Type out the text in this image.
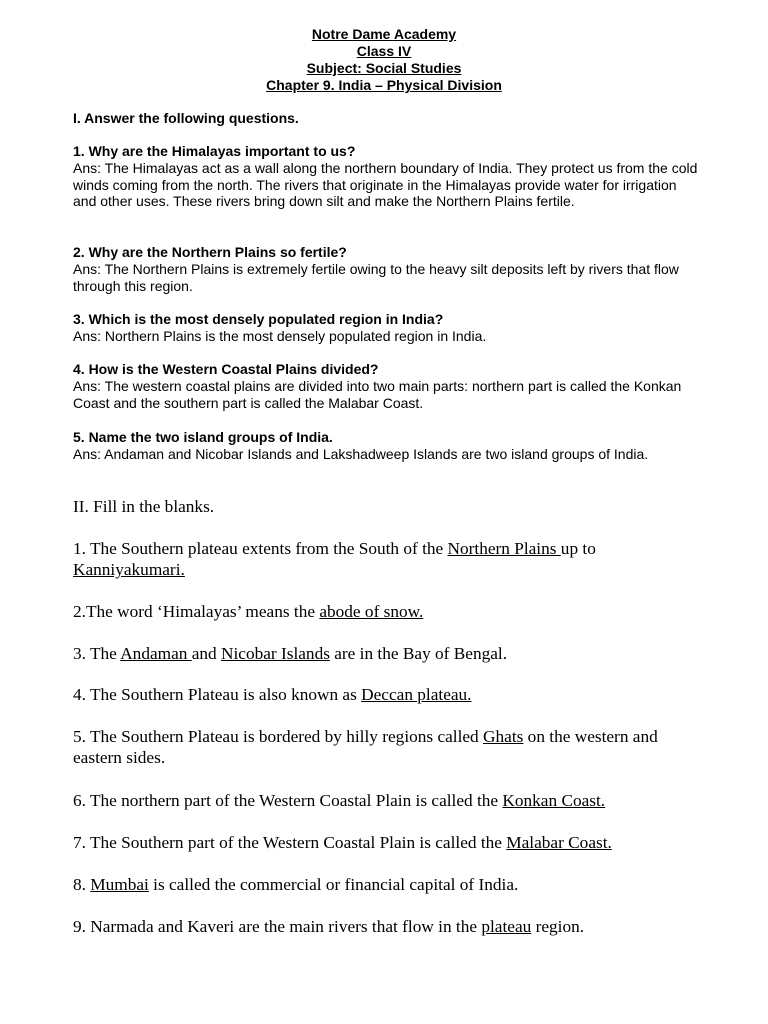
Notre Dame Academy
Class IV
Subject: Social Studies
Chapter 9. India – Physical Division
I. Answer the following questions.
1. Why are the Himalayas important to us?
Ans: The Himalayas act as a wall along the northern boundary of India. They protect us from the cold winds coming from the north. The rivers that originate in the Himalayas provide water for irrigation and other uses. These rivers bring down silt and make the Northern Plains fertile.
2. Why are the Northern Plains so fertile?
Ans: The Northern Plains is extremely fertile owing to the heavy silt deposits left by rivers that flow through this region.
3. Which is the most densely populated region in India?
Ans: Northern Plains is the most densely populated region in India.
4. How is the Western Coastal Plains divided?
Ans: The western coastal plains are divided into two main parts: northern part is called the Konkan Coast and the southern part is called the Malabar Coast.
5. Name the two island groups of India.
Ans: Andaman and Nicobar Islands and Lakshadweep Islands are two island groups of India.
II. Fill in the blanks.
1. The Southern plateau extents from the South of the Northern Plains up to Kanniyakumari.
2.The word ‘Himalayas’ means the abode of snow.
3. The Andaman and Nicobar Islands are in the Bay of Bengal.
4. The Southern Plateau is also known as Deccan plateau.
5. The Southern Plateau is bordered by hilly regions called Ghats on the western and eastern sides.
6. The northern part of the Western Coastal Plain is called the Konkan Coast.
7. The Southern part of the Western Coastal Plain is called the Malabar Coast.
8. Mumbai is called the commercial or financial capital of India.
9. Narmada and Kaveri are the main rivers that flow in the plateau region.
